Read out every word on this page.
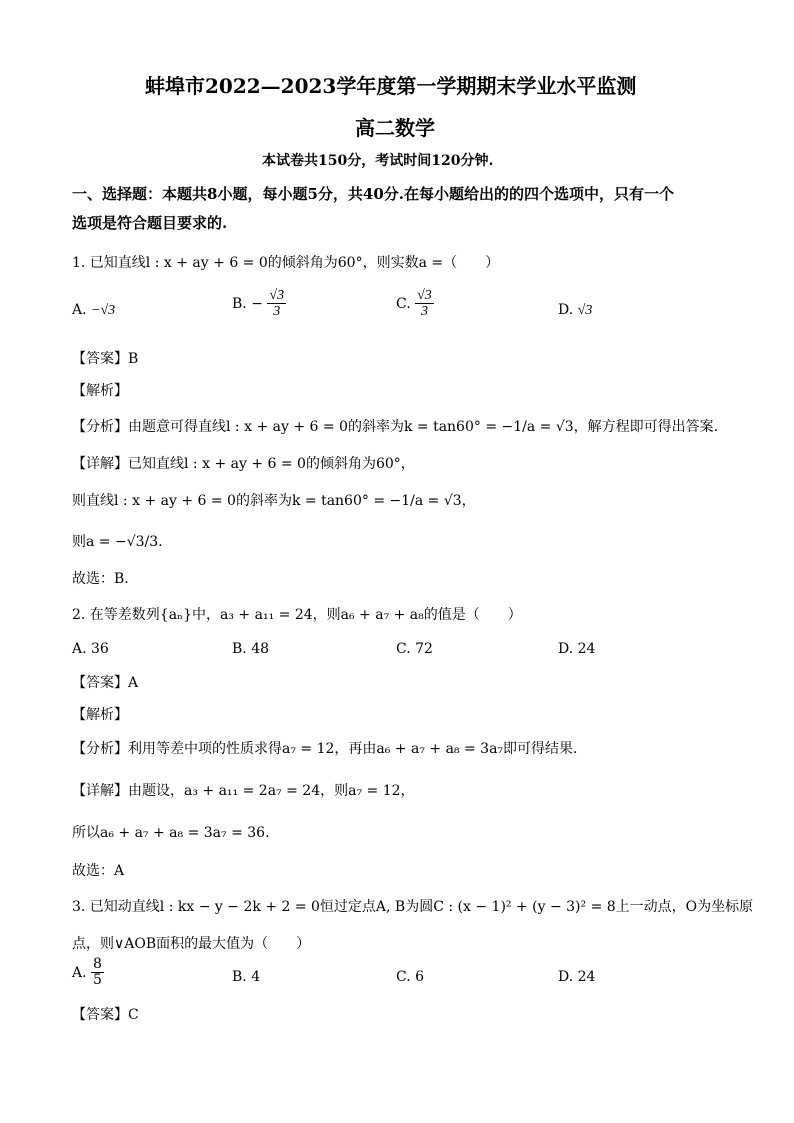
蚌埠市2022—2023学年度第一学期期末学业水平监测
高二数学
本试卷共150分，考试时间120分钟.
一、选择题：本题共8小题，每小题5分，共40分.在每小题给出的的四个选项中，只有一个
选项是符合题目要求的.
1. 已知直线l : x + ay + 6 = 0的倾斜角为60°，则实数a =（　　）
A. −√3	B. − $\frac{√3}{3}$	C. $\frac{√3}{3}$	D. √3
【答案】B
【解析】
【分析】由题意可得直线l : x + ay + 6 = 0的斜率为k = tan60° = −1/a = √3，解方程即可得出答案.
【详解】已知直线l : x + ay + 6 = 0的倾斜角为60°，
则直线l : x + ay + 6 = 0的斜率为k = tan60° = −1/a = √3，
则a = −√3/3.
故选：B.
2. 在等差数列{aₙ}中，a₃ + a₁₁ = 24，则a₆ + a₇ + a₈的值是（　　）
A. 36	B. 48	C. 72	D. 24
【答案】A
【解析】
【分析】利用等差中项的性质求得a₇ = 12，再由a₆ + a₇ + a₈ = 3a₇即可得结果.
【详解】由题设，a₃ + a₁₁ = 2a₇ = 24，则a₇ = 12，
所以a₆ + a₇ + a₈ = 3a₇ = 36.
故选：A
3. 已知动直线l : kx − y − 2k + 2 = 0恒过定点A, B为圆C : (x − 1)² + (y − 3)² = 8上一动点，O为坐标原
点，则∨AOB面积的最大值为（　　）
A. $\frac{8}{5}$	B. 4	C. 6	D. 24
【答案】C
